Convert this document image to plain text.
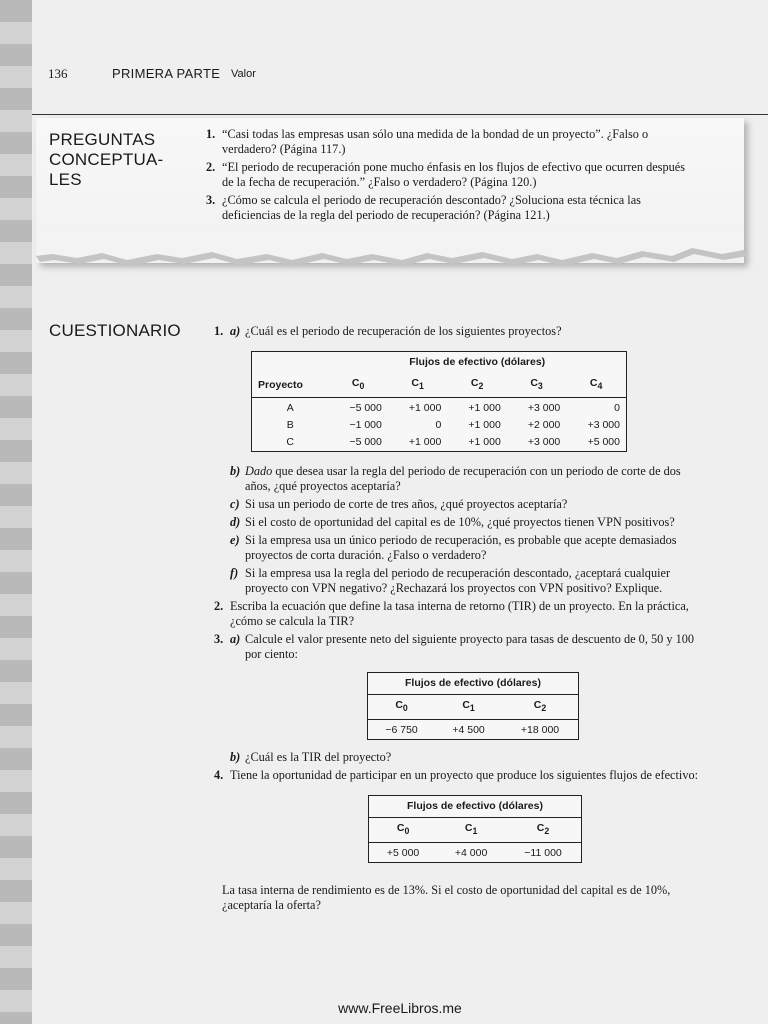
136	PRIMERA PARTE Valor
PREGUNTAS
CONCEPTUA-
LES
1. “Casi todas las empresas usan sólo una medida de la bondad de un proyecto”. ¿Falso o verdadero? (Página 117.)
2. “El periodo de recuperación pone mucho énfasis en los flujos de efectivo que ocurren después de la fecha de recuperación.” ¿Falso o verdadero? (Página 120.)
3. ¿Cómo se calcula el periodo de recuperación descontado? ¿Soluciona esta técnica las deficiencias de la regla del periodo de recuperación? (Página 121.)
CUESTIONARIO	1. a) ¿Cuál es el periodo de recuperación de los siguientes proyectos?
	Flujos de efectivo (dólares)				
Proyecto	$C_0$	$C_1$	$C_2$	$C_3$	$C_4$
A	−5 000	+1 000	+1 000	+3 000	0
B	−1 000	0	+1 000	+2 000	+3 000
C	−5 000	+1 000	+1 000	+3 000	+5 000
b) Dado que desea usar la regla del periodo de recuperación con un periodo de corte de dos años, ¿qué proyectos aceptaría?
c) Si usa un periodo de corte de tres años, ¿qué proyectos aceptaría?
d) Si el costo de oportunidad del capital es de 10%, ¿qué proyectos tienen VPN positivos?
e) Si la empresa usa un único periodo de recuperación, es probable que acepte demasiados proyectos de corta duración. ¿Falso o verdadero?
f) Si la empresa usa la regla del periodo de recuperación descontado, ¿aceptará cualquier proyecto con VPN negativo? ¿Rechazará los proyectos con VPN positivo? Explique.
2. Escriba la ecuación que define la tasa interna de retorno (TIR) de un proyecto. En la práctica, ¿cómo se calcula la TIR?
3. a) Calcule el valor presente neto del siguiente proyecto para tasas de descuento de 0, 50 y 100 por ciento:
Flujos de efectivo (dólares)		
$C_0$	$C_1$	$C_2$
−6 750	+4 500	+18 000
b) ¿Cuál es la TIR del proyecto?
4. Tiene la oportunidad de participar en un proyecto que produce los siguientes flujos de efectivo:
Flujos de efectivo (dólares)		
$C_0$	$C_1$	$C_2$
+5 000	+4 000	−11 000
La tasa interna de rendimiento es de 13%. Si el costo de oportunidad del capital es de 10%, ¿aceptaría la oferta?
www.FreeLibros.me
